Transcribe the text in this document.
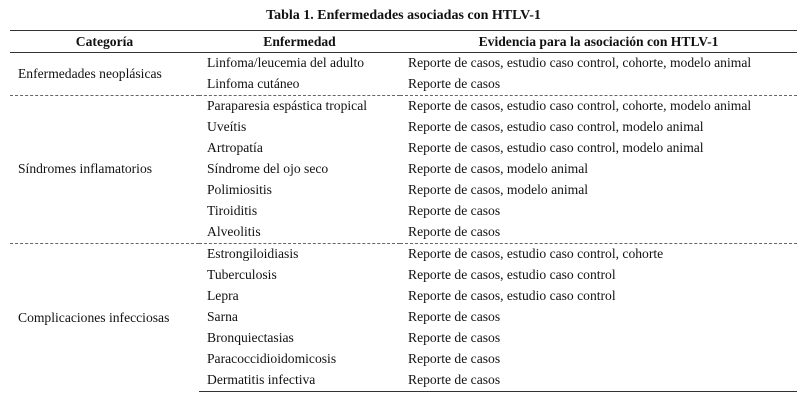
Tabla 1. Enfermedades asociadas con HTLV-1

Categoría	Enfermedad	Evidencia para la asociación con HTLV-1
Enfermedades neoplásicas	Linfoma/leucemia del adulto	Reporte de casos, estudio caso control, cohorte, modelo animal
	Linfoma cutáneo	Reporte de casos
Síndromes inflamatorios	Paraparesia espástica tropical	Reporte de casos, estudio caso control, cohorte, modelo animal
	Uveítis	Reporte de casos, estudio caso control, modelo animal
	Artropatía	Reporte de casos, estudio caso control, modelo animal
	Síndrome del ojo seco	Reporte de casos, modelo animal
	Polimiositis	Reporte de casos, modelo animal
	Tiroiditis	Reporte de casos
	Alveolitis	Reporte de casos
Complicaciones infecciosas	Estrongiloidiasis	Reporte de casos, estudio caso control, cohorte
	Tuberculosis	Reporte de casos, estudio caso control
	Lepra	Reporte de casos, estudio caso control
	Sarna	Reporte de casos
	Bronquiectasias	Reporte de casos
	Paracoccidioidomicosis	Reporte de casos
	Dermatitis infectiva	Reporte de casos
